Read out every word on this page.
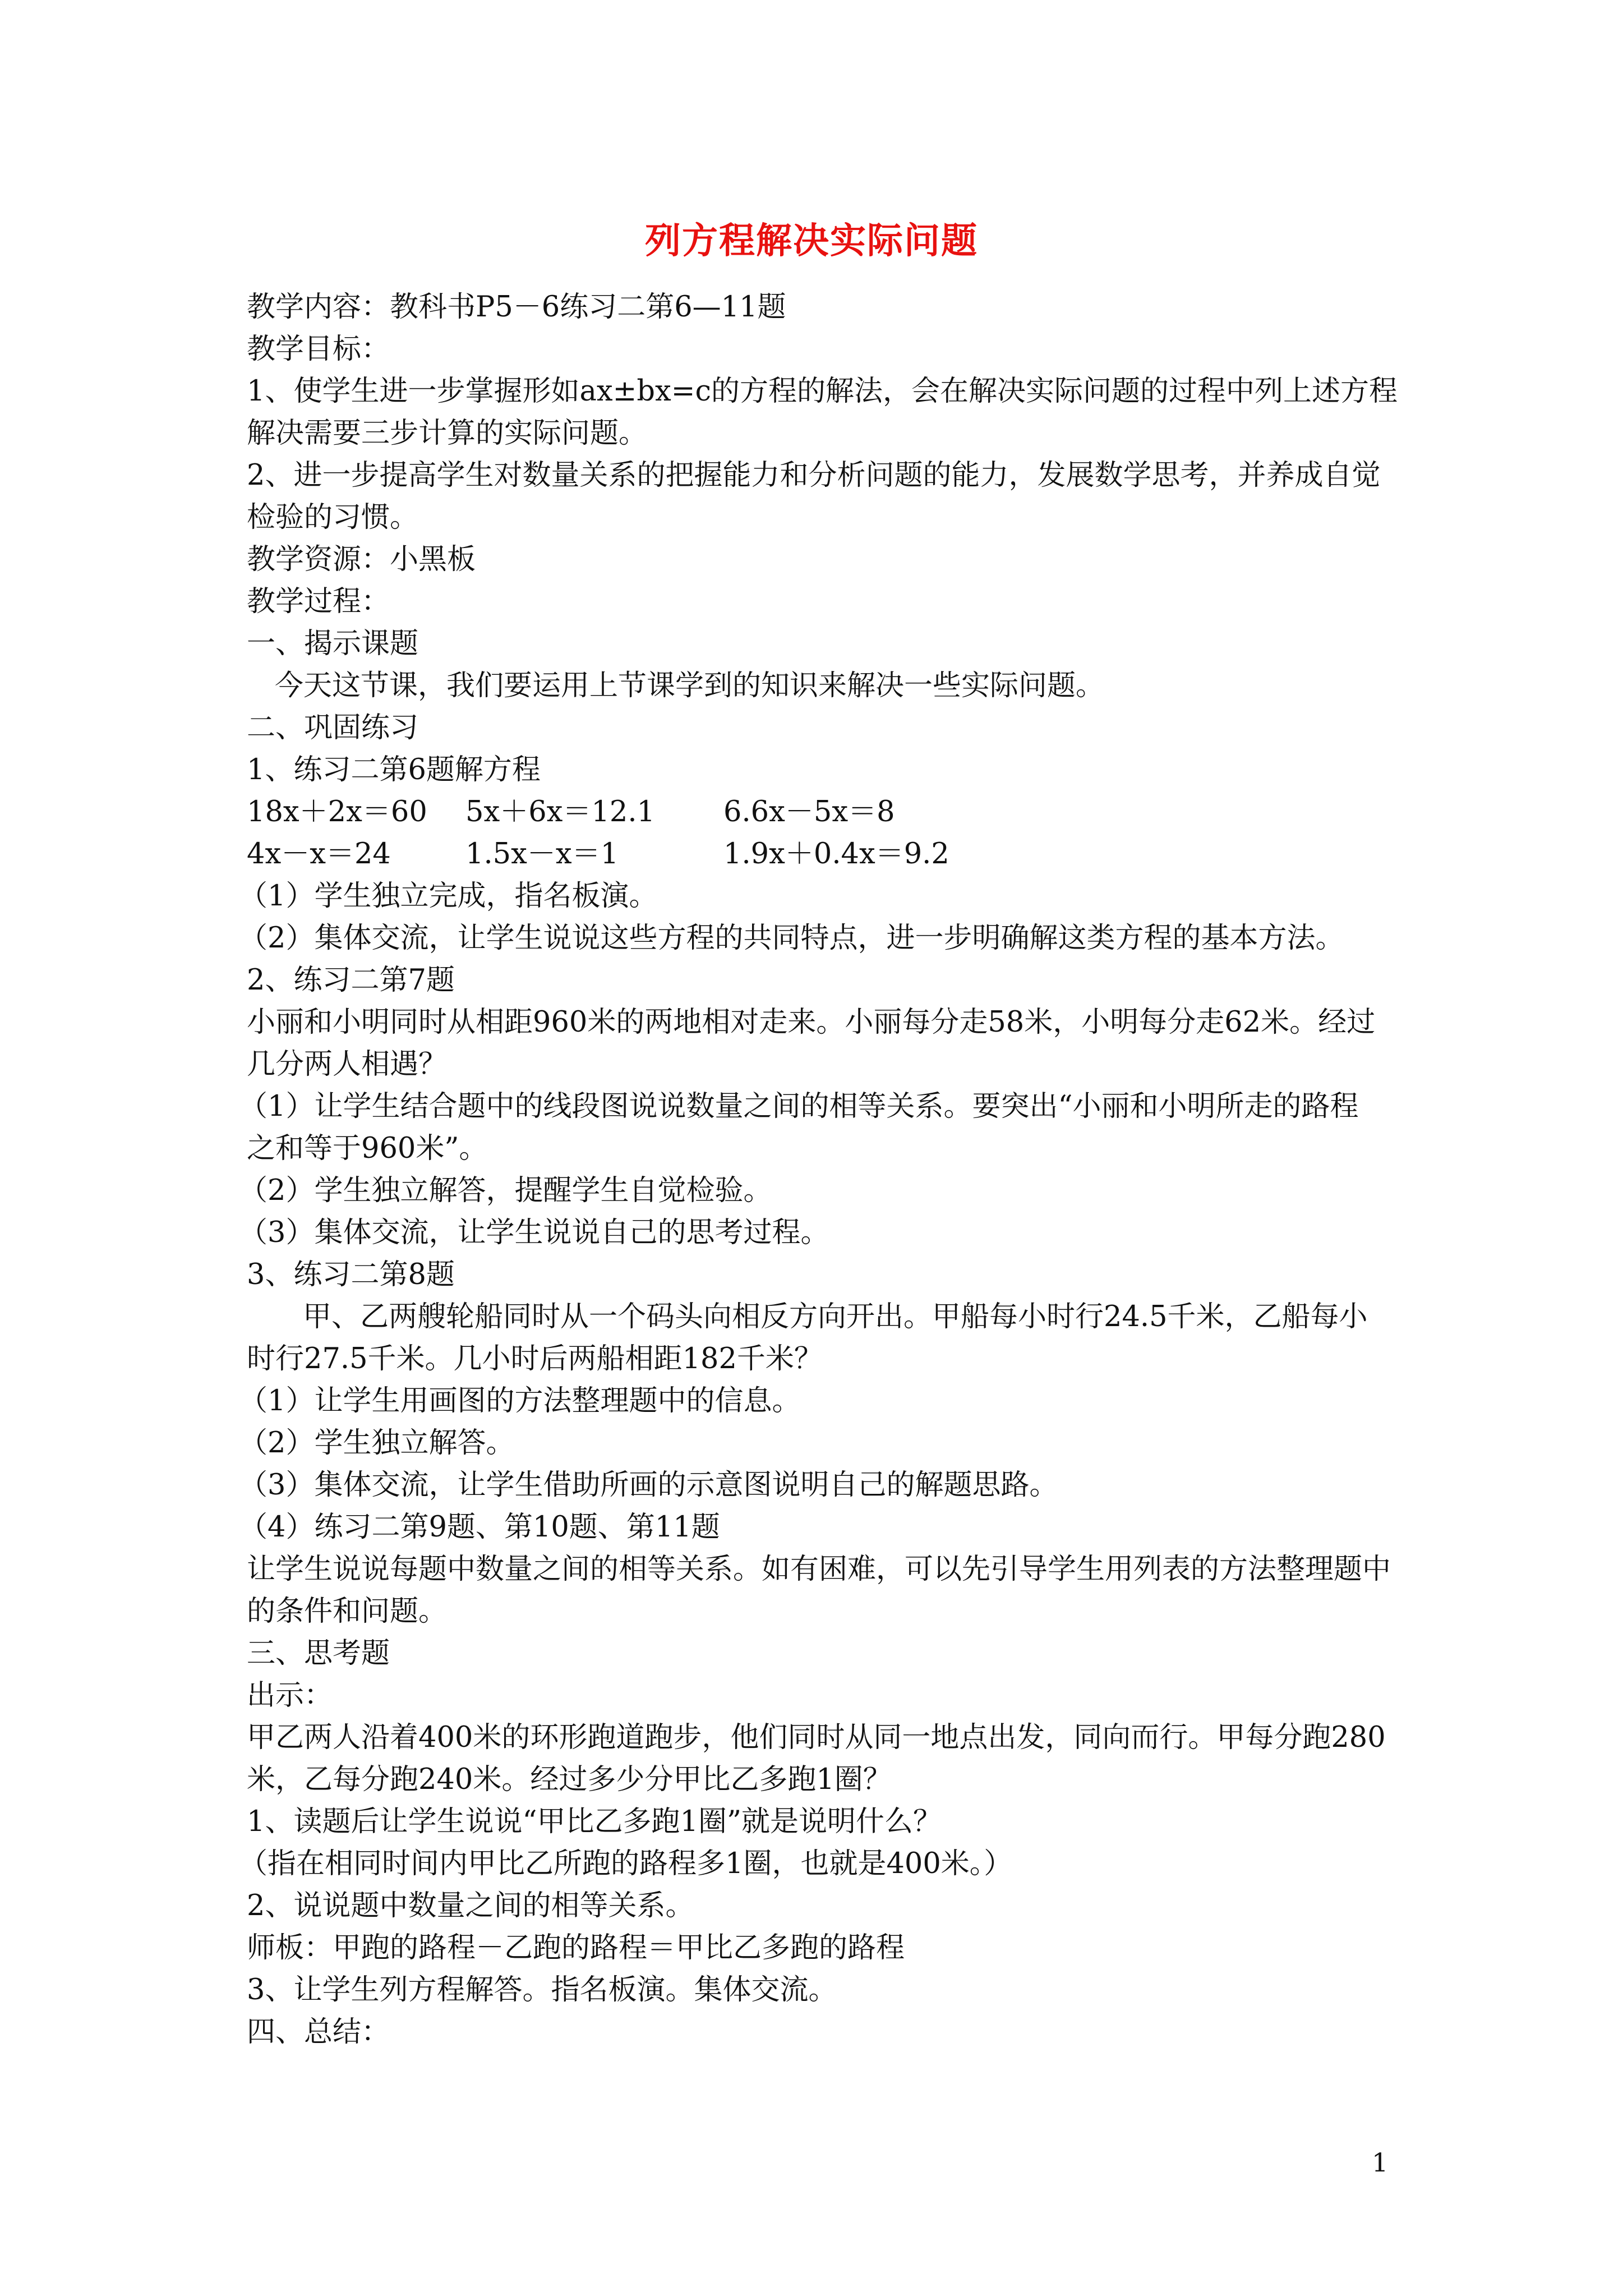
列方程解决实际问题
教学内容：教科书P5－6练习二第6—11题
教学目标：
1、使学生进一步掌握形如ax±bx=c的方程的解法，会在解决实际问题的过程中列上述方程
解决需要三步计算的实际问题。
2、进一步提高学生对数量关系的把握能力和分析问题的能力，发展数学思考，并养成自觉
检验的习惯。
教学资源：小黑板
教学过程：
一、揭示课题
今天这节课，我们要运用上节课学到的知识来解决一些实际问题。
二、巩固练习
1、练习二第6题解方程
18x＋2x＝60	5x＋6x＝12.1	6.6x－5x＝8
4x－x＝24	1.5x－x＝1	1.9x＋0.4x＝9.2
（1）学生独立完成，指名板演。
（2）集体交流，让学生说说这些方程的共同特点，进一步明确解这类方程的基本方法。
2、练习二第7题
小丽和小明同时从相距960米的两地相对走来。小丽每分走58米，小明每分走62米。经过
几分两人相遇？
（1）让学生结合题中的线段图说说数量之间的相等关系。要突出“小丽和小明所走的路程
之和等于960米”。
（2）学生独立解答，提醒学生自觉检验。
（3）集体交流，让学生说说自己的思考过程。
3、练习二第8题
甲、乙两艘轮船同时从一个码头向相反方向开出。甲船每小时行24.5千米，乙船每小
时行27.5千米。几小时后两船相距182千米？
（1）让学生用画图的方法整理题中的信息。
（2）学生独立解答。
（3）集体交流，让学生借助所画的示意图说明自己的解题思路。
（4）练习二第9题、第10题、第11题
让学生说说每题中数量之间的相等关系。如有困难，可以先引导学生用列表的方法整理题中
的条件和问题。
三、思考题
出示：
甲乙两人沿着400米的环形跑道跑步，他们同时从同一地点出发，同向而行。甲每分跑280
米，乙每分跑240米。经过多少分甲比乙多跑1圈？
1、读题后让学生说说“甲比乙多跑1圈”就是说明什么？
（指在相同时间内甲比乙所跑的路程多1圈，也就是400米。）
2、说说题中数量之间的相等关系。
师板：甲跑的路程－乙跑的路程＝甲比乙多跑的路程
3、让学生列方程解答。指名板演。集体交流。
四、总结：
1
